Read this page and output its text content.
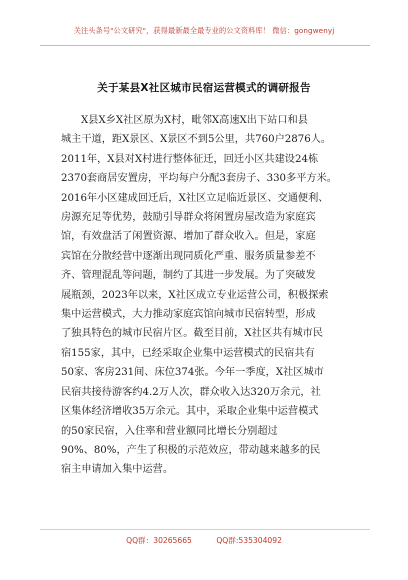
关注头条号"公文研究"，获得最新最全最专业的公文资料库！ 微信：gongwenyj
关于某县X社区城市民宿运营模式的调研报告
X县X乡X社区原为X村，毗邻X高速X出下站口和县
城主干道，距X景区、X景区不到5公里，共760户2876人。
2011年，X县对X村进行整体征迁，回迁小区共建设24栋
2370套商居安置房，平均每户分配3套房子、330多平方米。
2016年小区建成回迁后，X社区立足临近景区、交通便利、
房源充足等优势，鼓励引导群众将闲置房屋改造为家庭宾
馆，有效盘活了闲置资源、增加了群众收入。但是，家庭
宾馆在分散经营中逐渐出现同质化严重、服务质量参差不
齐、管理混乱等问题，制约了其进一步发展。为了突破发
展瓶颈，2023年以来，X社区成立专业运营公司，积极探索
集中运营模式，大力推动家庭宾馆向城市民宿转型，形成
了独具特色的城市民宿片区。截至目前，X社区共有城市民
宿155家，其中，已经采取企业集中运营模式的民宿共有
50家、客房231间、床位374张。今年一季度，X社区城市
民宿共接待游客约4.2万人次，群众收入达320万余元，社
区集体经济增收35万余元。其中，采取企业集中运营模式
的50家民宿，入住率和营业额同比增长分别超过
90%、80%，产生了积极的示范效应，带动越来越多的民
宿主申请加入集中运营。
QQ群：30265665	QQ群:535304092
